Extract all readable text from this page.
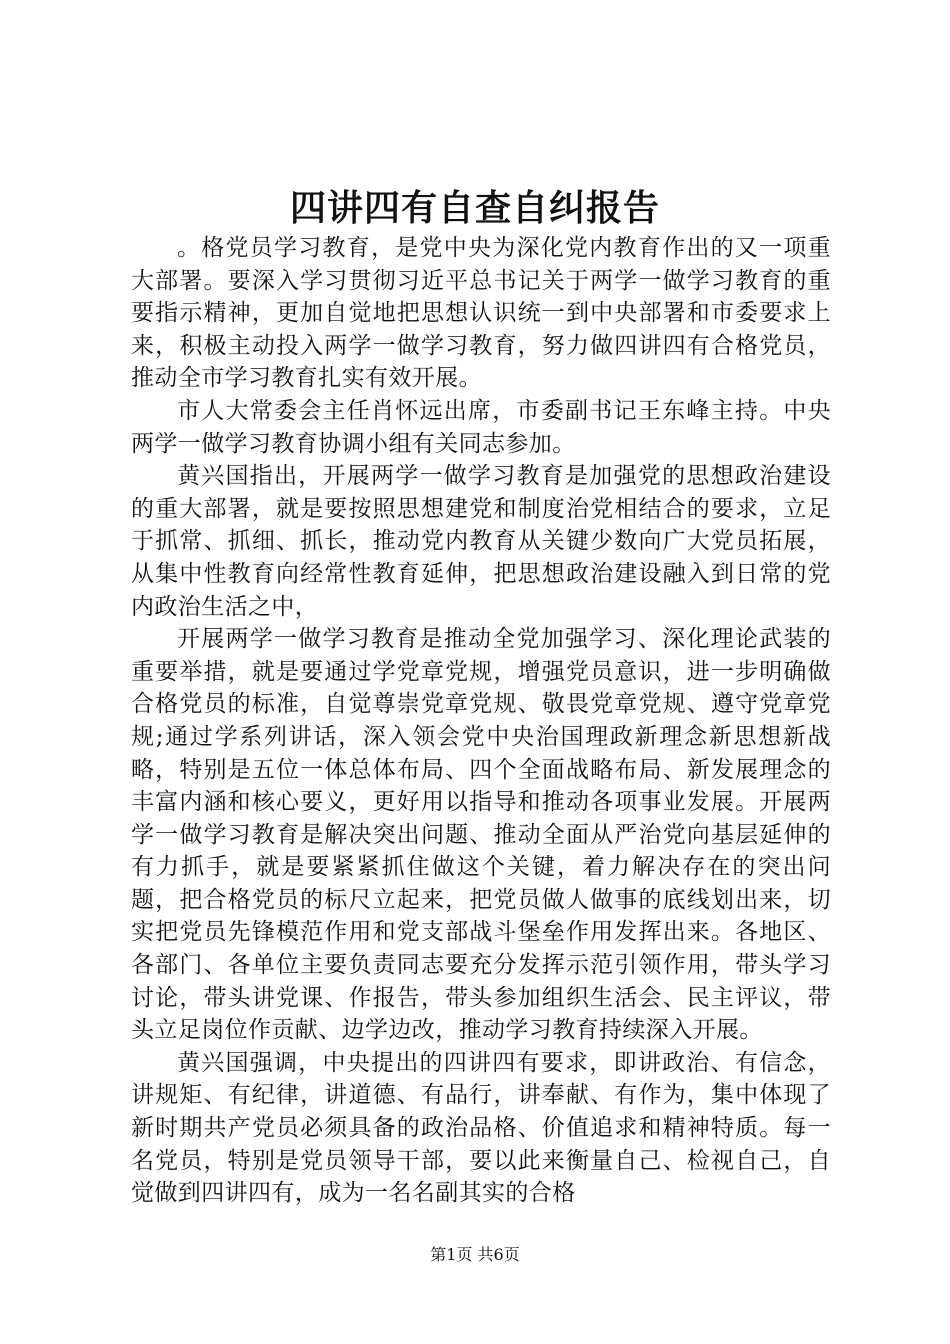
四讲四有自查自纠报告

。格党员学习教育，是党中央为深化党内教育作出的又一项重大部署。要深入学习贯彻习近平总书记关于两学一做学习教育的重要指示精神，更加自觉地把思想认识统一到中央部署和市委要求上来，积极主动投入两学一做学习教育，努力做四讲四有合格党员，推动全市学习教育扎实有效开展。

市人大常委会主任肖怀远出席，市委副书记王东峰主持。中央两学一做学习教育协调小组有关同志参加。

黄兴国指出，开展两学一做学习教育是加强党的思想政治建设的重大部署，就是要按照思想建党和制度治党相结合的要求，立足于抓常、抓细、抓长，推动党内教育从关键少数向广大党员拓展，从集中性教育向经常性教育延伸，把思想政治建设融入到日常的党内政治生活之中，

开展两学一做学习教育是推动全党加强学习、深化理论武装的重要举措，就是要通过学党章党规，增强党员意识，进一步明确做合格党员的标准，自觉尊崇党章党规、敬畏党章党规、遵守党章党规;通过学系列讲话，深入领会党中央治国理政新理念新思想新战略，特别是五位一体总体布局、四个全面战略布局、新发展理念的丰富内涵和核心要义，更好用以指导和推动各项事业发展。开展两学一做学习教育是解决突出问题、推动全面从严治党向基层延伸的有力抓手，就是要紧紧抓住做这个关键，着力解决存在的突出问题，把合格党员的标尺立起来，把党员做人做事的底线划出来，切实把党员先锋模范作用和党支部战斗堡垒作用发挥出来。各地区、各部门、各单位主要负责同志要充分发挥示范引领作用，带头学习讨论，带头讲党课、作报告，带头参加组织生活会、民主评议，带头立足岗位作贡献、边学边改，推动学习教育持续深入开展。

黄兴国强调，中央提出的四讲四有要求，即讲政治、有信念，讲规矩、有纪律，讲道德、有品行，讲奉献、有作为，集中体现了新时期共产党员必须具备的政治品格、价值追求和精神特质。每一名党员，特别是党员领导干部，要以此来衡量自己、检视自己，自觉做到四讲四有，成为一名名副其实的合格

第1页 共6页
